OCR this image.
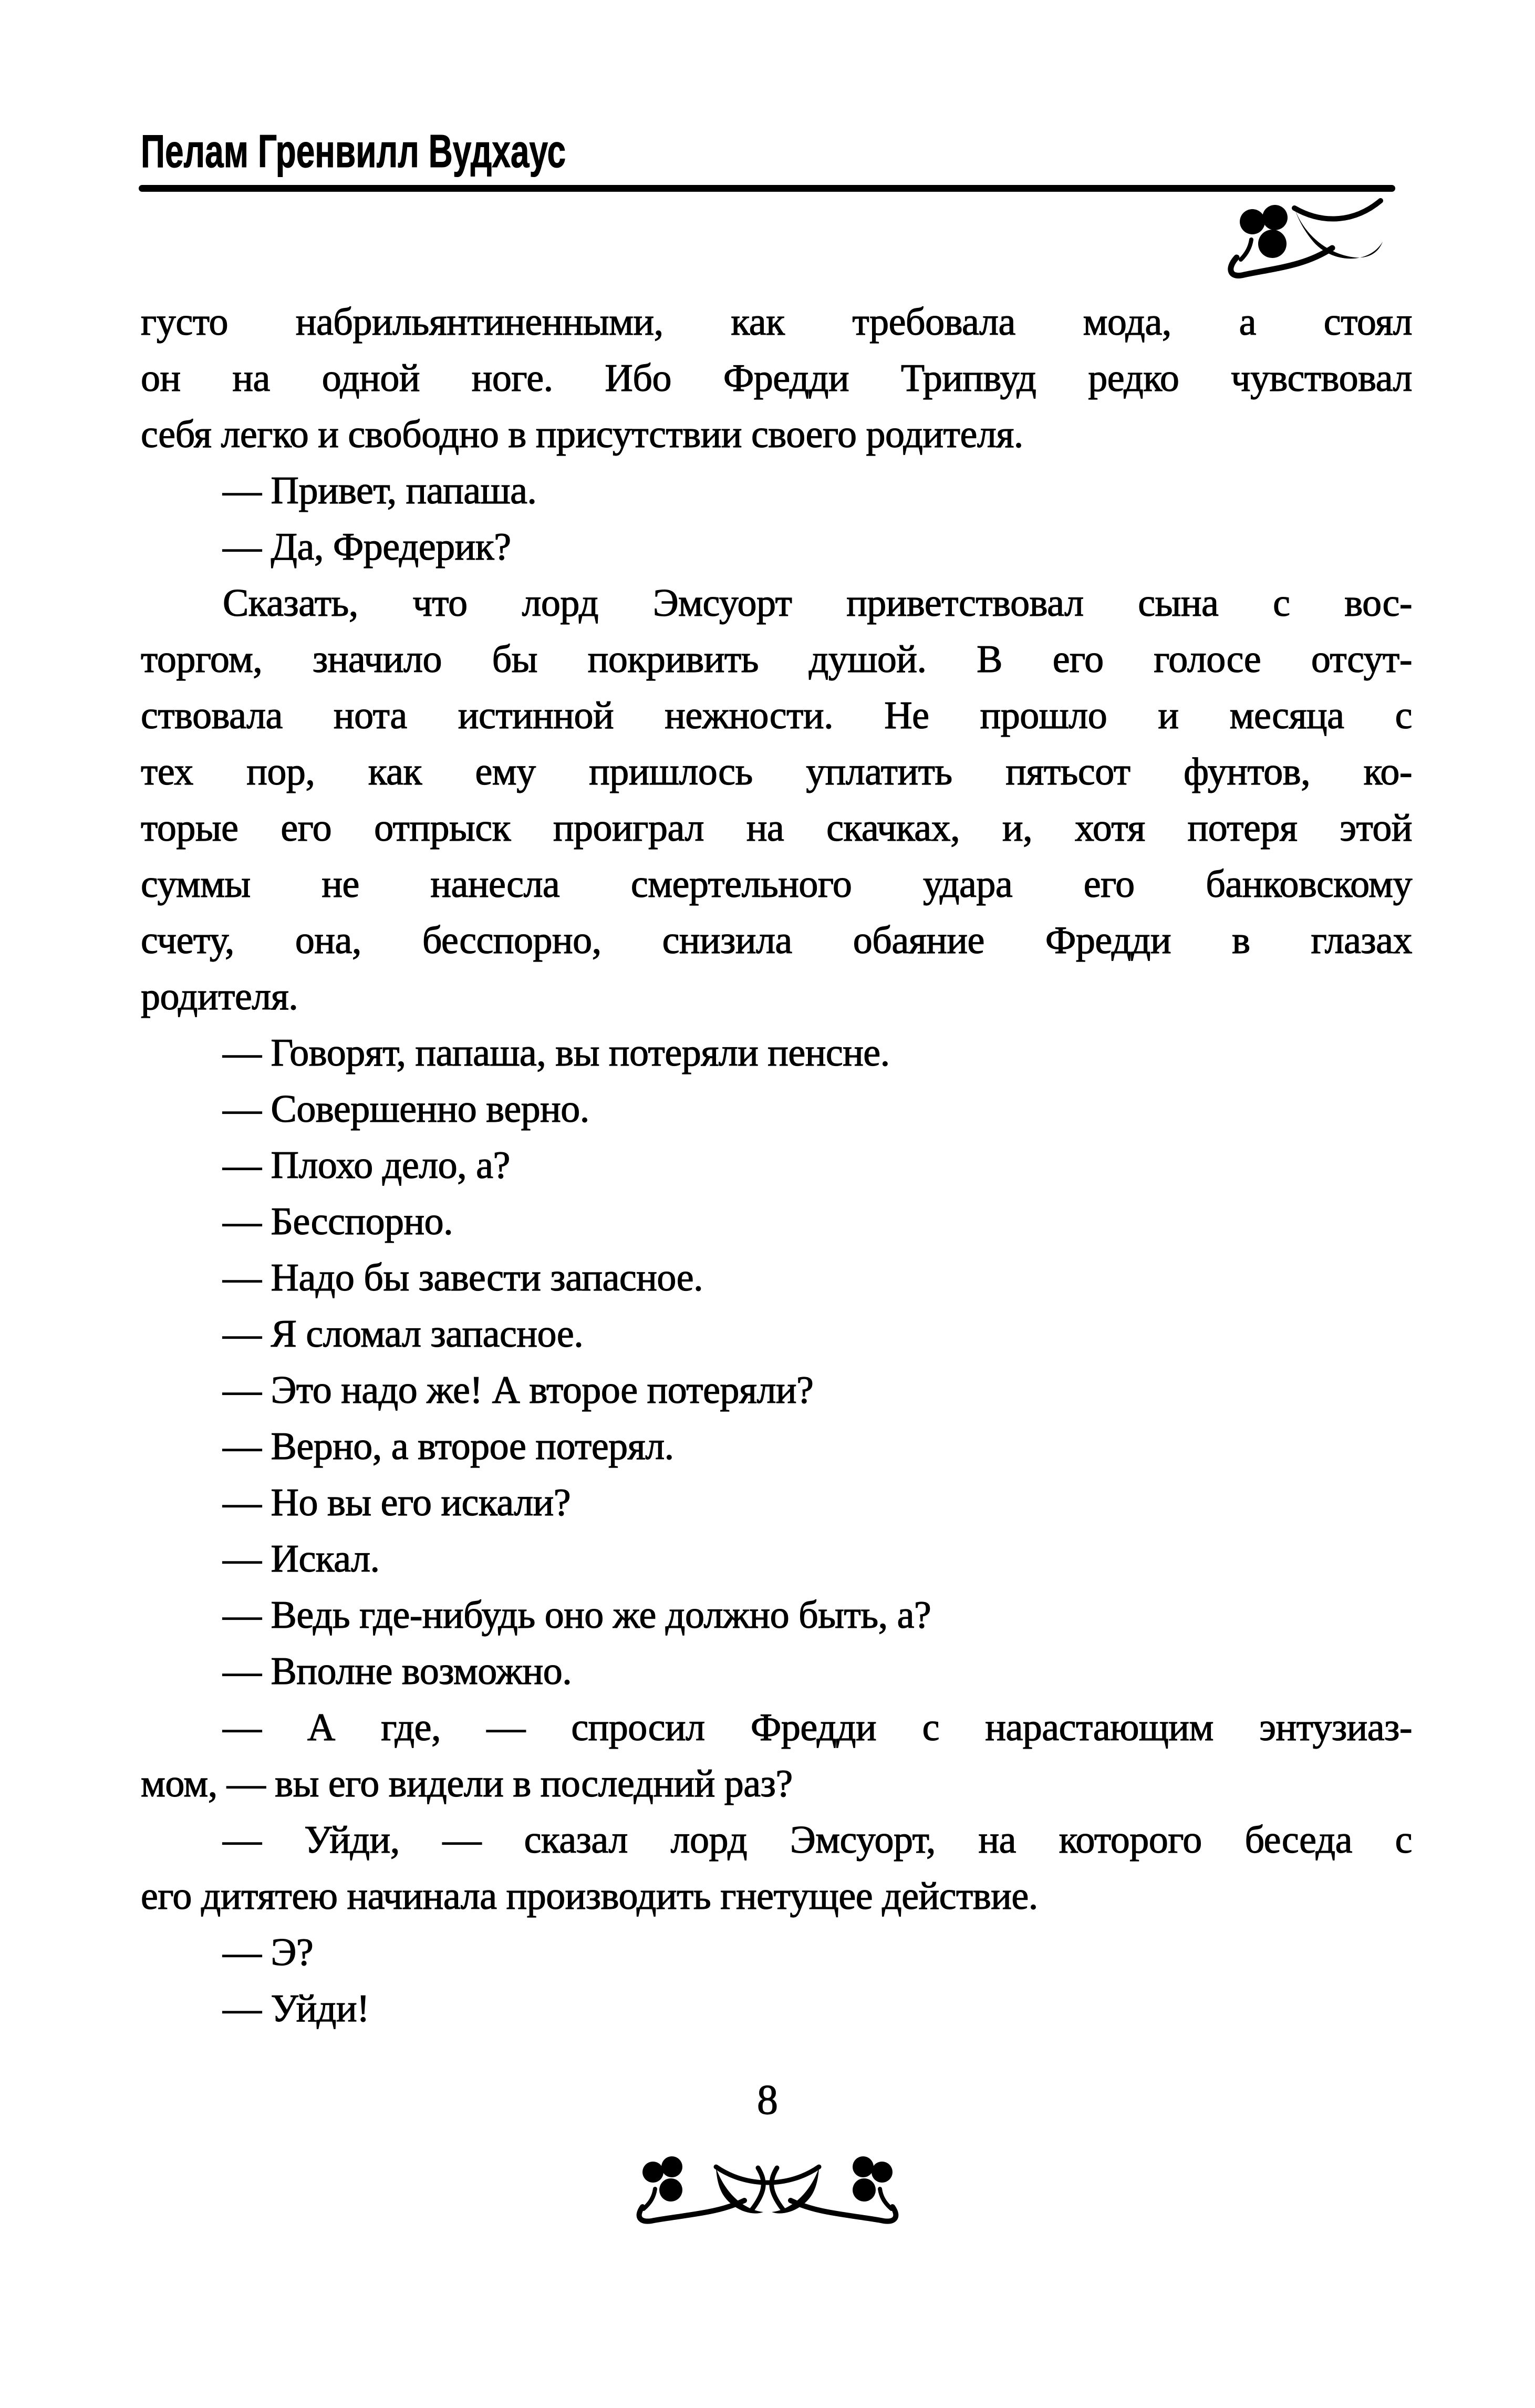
Пелам Гренвилл Вудхаус
густо набрильянтиненными, как требовала мода, а стоял
он на одной ноге. Ибо Фредди Трипвуд редко чувствовал
себя легко и свободно в присутствии своего родителя.
— Привет, папаша.
— Да, Фредерик?
Сказать, что лорд Эмсуорт приветствовал сына с вос-
торгом, значило бы покривить душой. В его голосе отсут-
ствовала нота истинной нежности. Не прошло и месяца с
тех пор, как ему пришлось уплатить пятьсот фунтов, ко-
торые его отпрыск проиграл на скачках, и, хотя потеря этой
суммы не нанесла смертельного удара его банковскому
счету, она, бесспорно, снизила обаяние Фредди в глазах
родителя.
— Говорят, папаша, вы потеряли пенсне.
— Совершенно верно.
— Плохо дело, а?
— Бесспорно.
— Надо бы завести запасное.
— Я сломал запасное.
— Это надо же! А второе потеряли?
— Верно, а второе потерял.
— Но вы его искали?
— Искал.
— Ведь где-нибудь оно же должно быть, а?
— Вполне возможно.
— А где, — спросил Фредди с нарастающим энтузиаз-
мом, — вы его видели в последний раз?
— Уйди, — сказал лорд Эмсуорт, на которого беседа с
его дитятею начинала производить гнетущее действие.
— Э?
— Уйди!
8
